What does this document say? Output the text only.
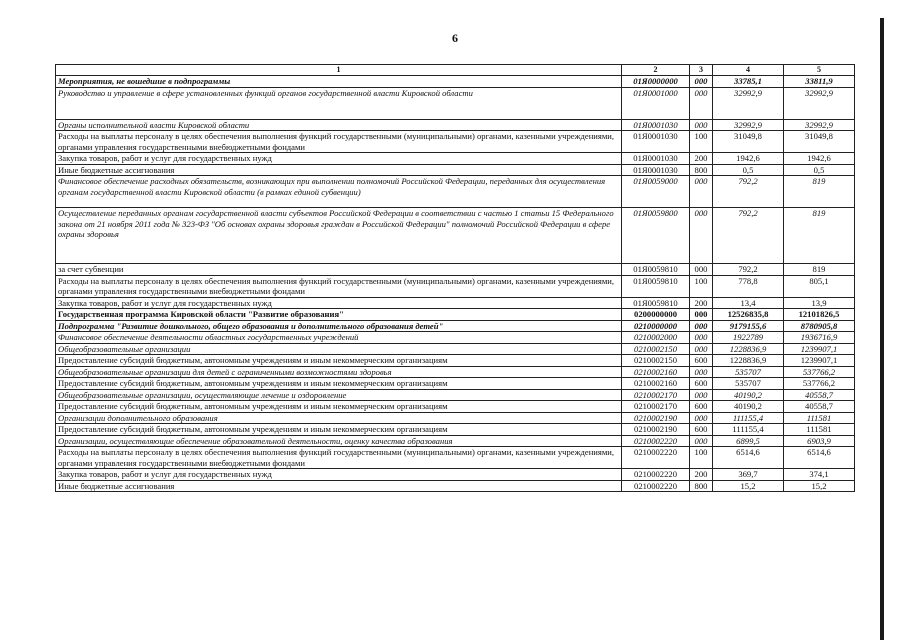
6
1	2	3	4	5
Мероприятия, не вошедшие в подпрограммы	01Я0000000	000	33785,1	33811,9
Руководство и управление в сфере установленных функций органов государственной власти Кировской области	01Я0001000	000	32992,9	32992,9
Органы исполнительной власти Кировской области	01Я0001030	000	32992,9	32992,9
Расходы на выплаты персоналу в целях обеспечения выполнения функций государственными (муниципальными) органами, казенными учреждениями, органами управления государственными внебюджетными фондами	01Я0001030	100	31049,8	31049,8
Закупка товаров, работ и услуг для государственных нужд	01Я0001030	200	1942,6	1942,6
Иные бюджетные ассигнования	01Я0001030	800	0,5	0,5
Финансовое обеспечение расходных обязательств, возникающих при выполнении полномочий Российской Федерации, переданных для осуществления органам государственной власти Кировской области (в рамках единой субвенции)	01Я0059000	000	792,2	819
Осуществление переданных органам государственной власти субъектов Российской Федерации в соответствии с частью 1 статьи 15 Федерального закона от 21 ноября 2011 года № 323-ФЗ "Об основах охраны здоровья граждан в Российской Федерации" полномочий Российской Федерации в сфере охраны здоровья	01Я0059800	000	792,2	819
за счет субвенции	01Я0059810	000	792,2	819
Расходы на выплаты персоналу в целях обеспечения выполнения функций государственными (муниципальными) органами, казенными учреждениями, органами управления государственными внебюджетными фондами	01Я0059810	100	778,8	805,1
Закупка товаров, работ и услуг для государственных нужд	01Я0059810	200	13,4	13,9
Государственная программа Кировской области "Развитие образования"	0200000000	000	12526835,8	12101826,5
Подпрограмма "Развитие дошкольного, общего образования и дополнительного образования детей"	0210000000	000	9179155,6	8780905,8
Финансовое обеспечение деятельности областных государственных учреждений	0210002000	000	1922789	1936716,9
Общеобразовательные организации	0210002150	000	1228836,9	1239907,1
Предоставление субсидий бюджетным, автономным учреждениям и иным некоммерческим организациям	0210002150	600	1228836,9	1239907,1
Общеобразовательные организации для детей с ограниченными возможностями здоровья	0210002160	000	535707	537766,2
Предоставление субсидий бюджетным, автономным учреждениям и иным некоммерческим организациям	0210002160	600	535707	537766,2
Общеобразовательные организации, осуществляющие лечение и оздоровление	0210002170	000	40190,2	40558,7
Предоставление субсидий бюджетным, автономным учреждениям и иным некоммерческим организациям	0210002170	600	40190,2	40558,7
Организации дополнительного образования	0210002190	000	111155,4	111581
Предоставление субсидий бюджетным, автономным учреждениям и иным некоммерческим организациям	0210002190	600	111155,4	111581
Организации, осуществляющие обеспечение образовательной деятельности, оценку качества образования	0210002220	000	6899,5	6903,9
Расходы на выплаты персоналу в целях обеспечения выполнения функций государственными (муниципальными) органами, казенными учреждениями, органами управления государственными внебюджетными фондами	0210002220	100	6514,6	6514,6
Закупка товаров, работ и услуг для государственных нужд	0210002220	200	369,7	374,1
Иные бюджетные ассигнования	0210002220	800	15,2	15,2
